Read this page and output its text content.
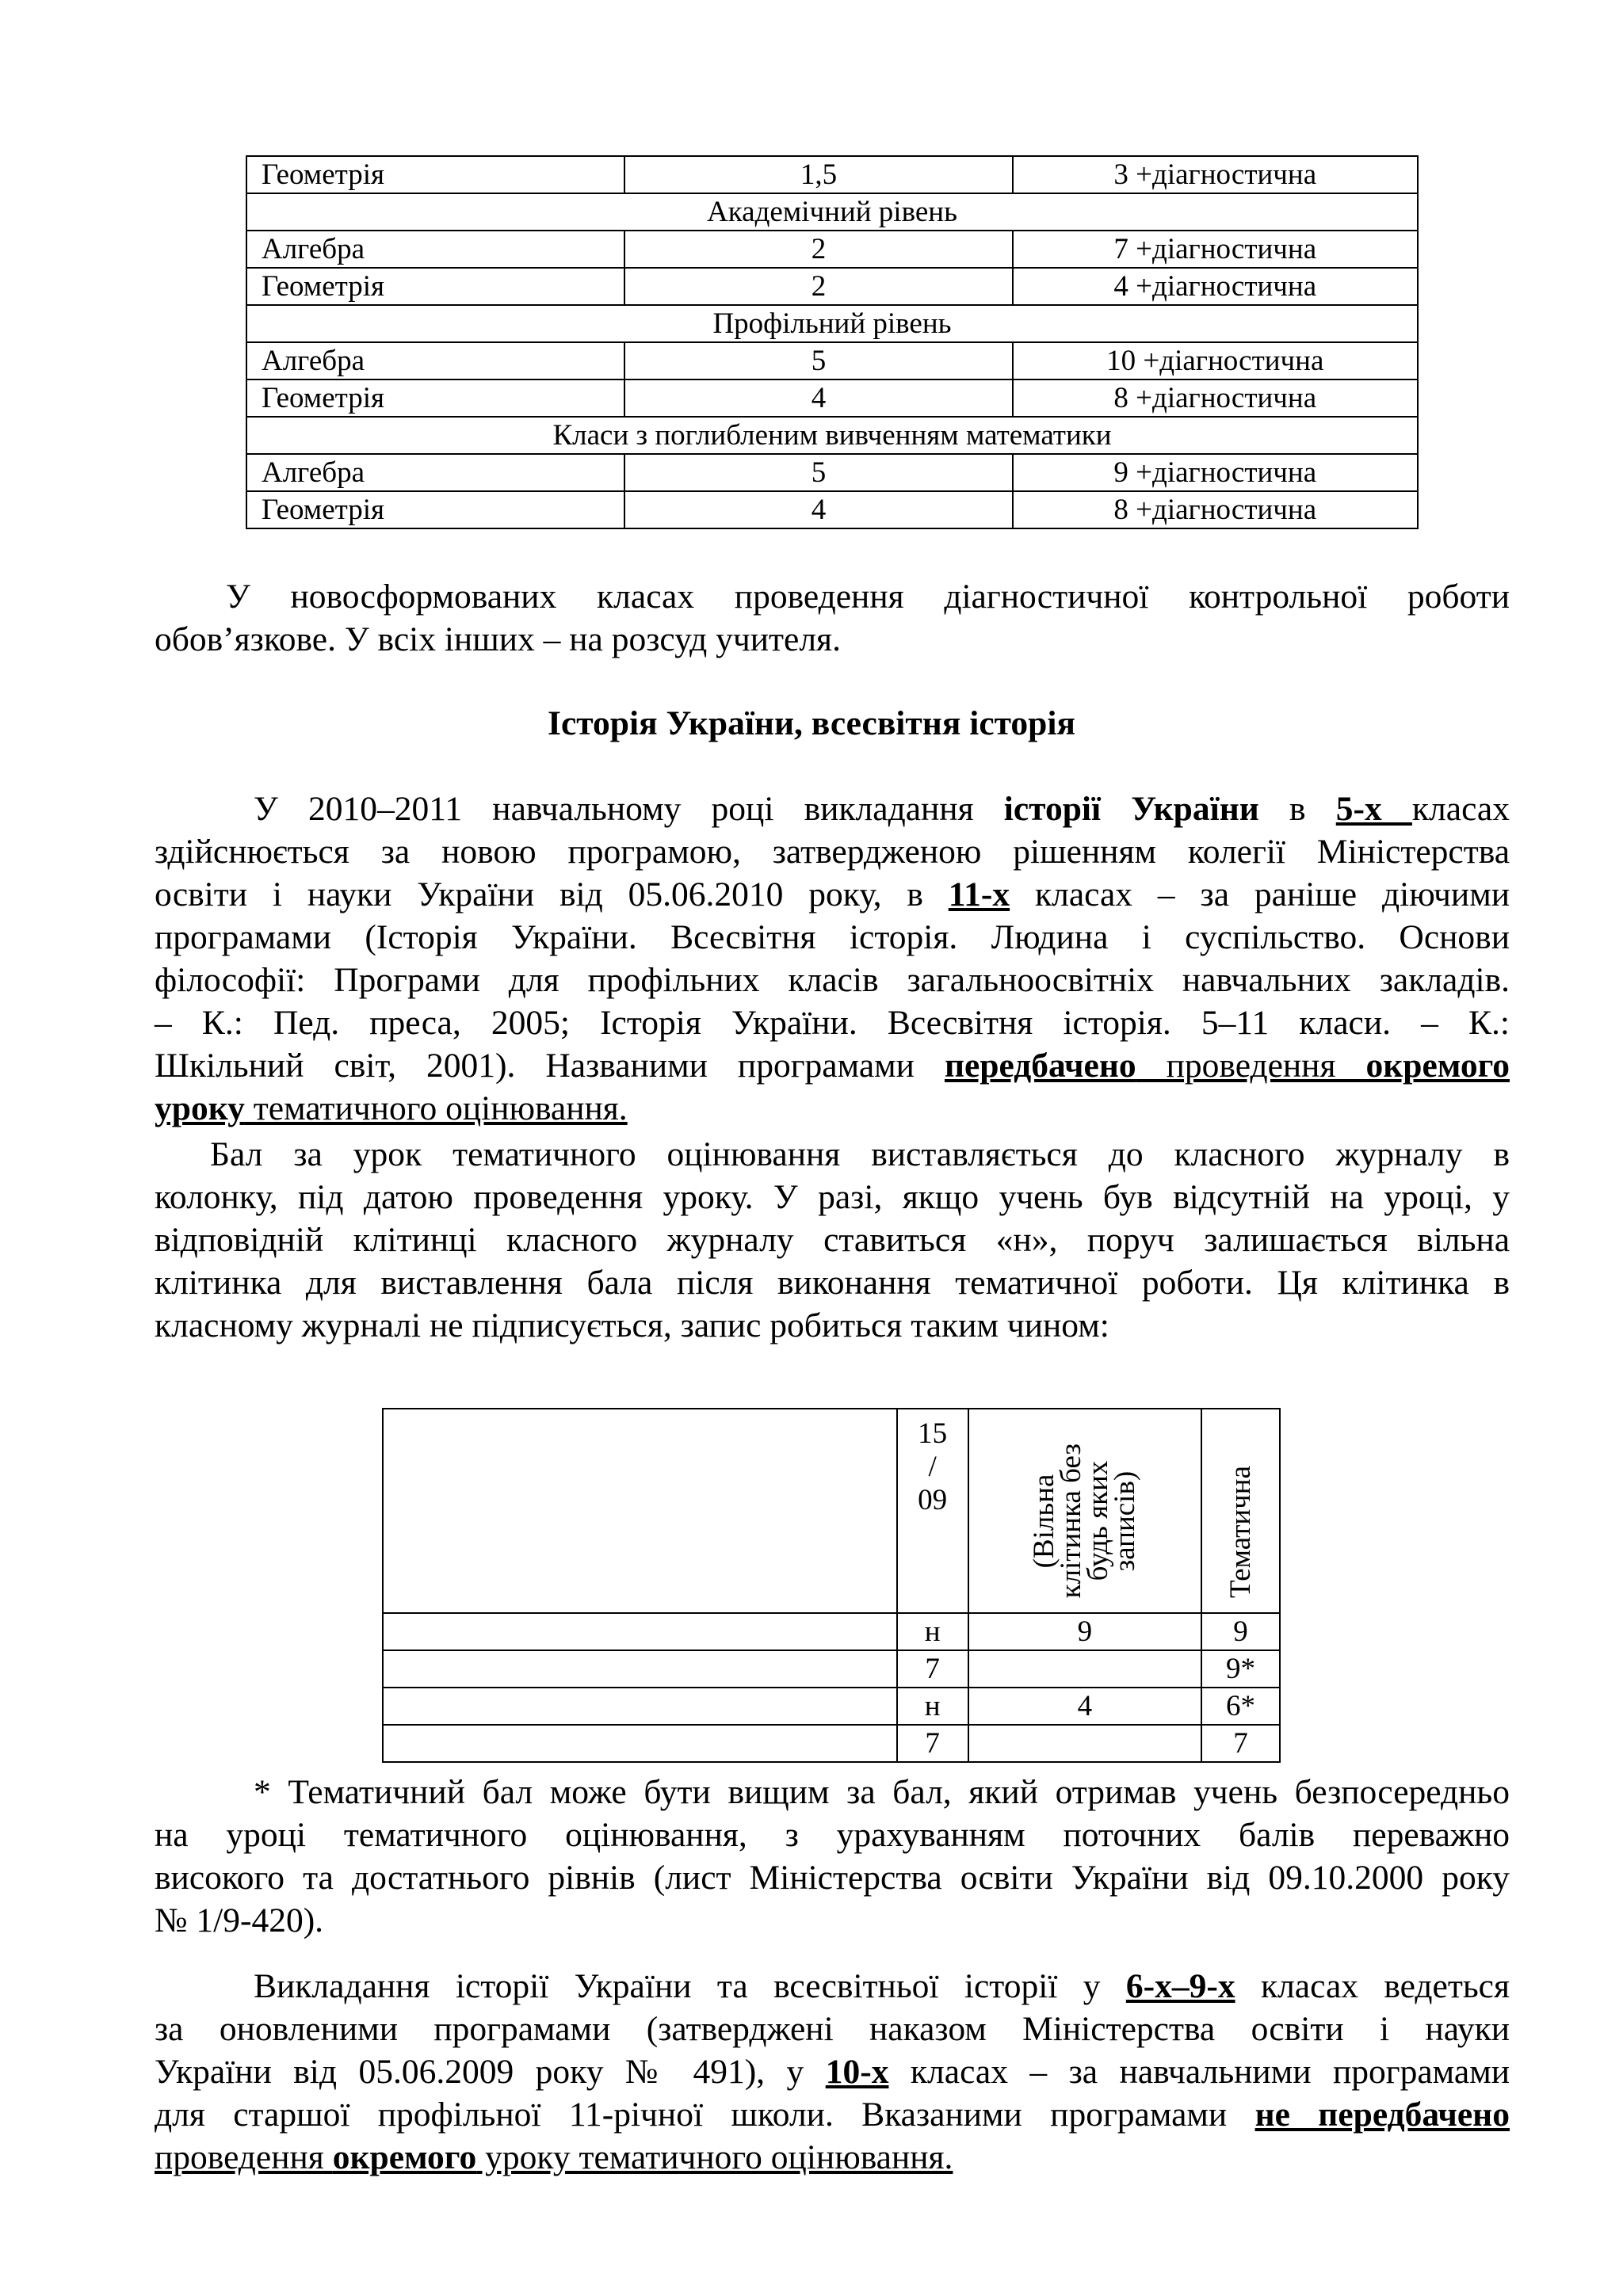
Геометрія	1,5	3 +діагностична
Академічний рівень		
Алгебра	2	7 +діагностична
Геометрія	2	4 +діагностична
Профільний рівень		
Алгебра	5	10 +діагностична
Геометрія	4	8 +діагностична
Класи з поглибленим вивченням математики		
Алгебра	5	9 +діагностична
Геометрія	4	8 +діагностична
У новосформованих класах проведення діагностичної контрольної роботи
обов’язкове. У всіх інших – на розсуд учителя.
Історія України, всесвітня історія
У 2010–2011 навчальному році викладання історії України в 5-х класах
здійснюється за новою програмою, затвердженою рішенням колегії Міністерства
освіти і науки України від 05.06.2010 року, в 11-х класах – за раніше діючими
програмами (Історія України. Всесвітня історія. Людина і суспільство. Основи
філософії: Програми для профільних класів загальноосвітніх навчальних закладів.
– К.: Пед. преса, 2005; Історія України. Всесвітня історія. 5–11 класи. – К.:
Шкільний світ, 2001). Названими програмами передбачено проведення окремого
уроку тематичного оцінювання.
Бал за урок тематичного оцінювання виставляється до класного журналу в
колонку, під датою проведення уроку. У разі, якщо учень був відсутній на уроці, у
відповідній клітинці класного журналу ставиться «н», поруч залишається вільна
клітинка для виставлення бала після виконання тематичної роботи. Ця клітинка в
класному журналі не підписується, запис робиться таким чином:
	15
/
09	(Вільна
клітинка без
будь яких
записів)	Тематична

	н	9	9
	7		9*
	н	4	6*
	7		7
* Тематичний бал може бути вищим за бал, який отримав учень безпосередньо
на уроці тематичного оцінювання, з урахуванням поточних балів переважно
високого та достатнього рівнів (лист Міністерства освіти України від 09.10.2000 року
№ 1/9-420).
Викладання історії України та всесвітньої історії у 6-х–9-х класах ведеться
за оновленими програмами (затверджені наказом Міністерства освіти і науки
України від 05.06.2009 року № 491), у 10-х класах – за навчальними програмами
для старшої профільної 11-річної школи. Вказаними програмами не передбачено
проведення окремого уроку тематичного оцінювання.
